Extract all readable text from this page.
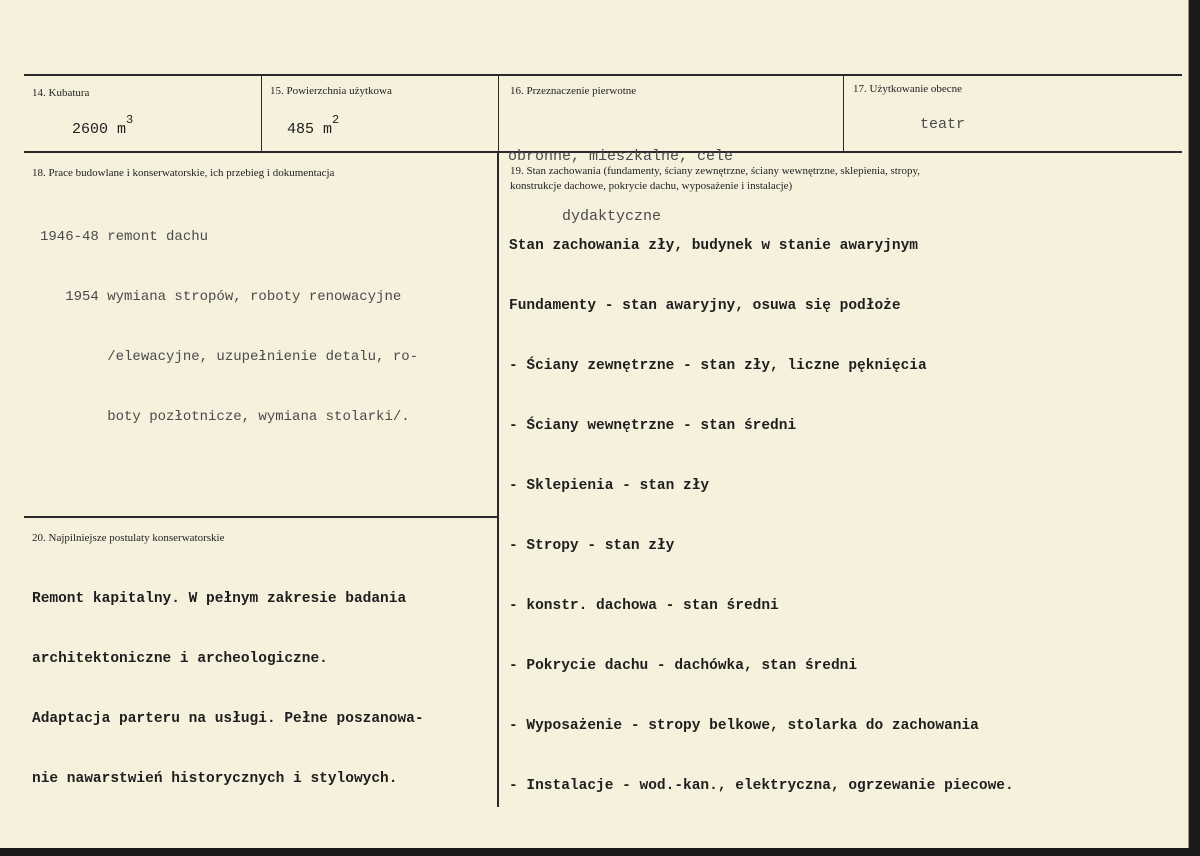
14. Kubatura
2600 $m^3$
15. Powierzchnia użytkowa
485 $m^2$
16. Przeznaczenie pierwotne

obronne, mieszkalne, cele

dydaktyczne

17. Użytkowanie obecne
teatr
18. Prace budowlane i konserwatorskie, ich przebieg i dokumentacja

1946-48 remont dachu

1954 wymiana stropów, roboty renowacyjne

/elewacyjne, uzupełnienie detalu, ro-

boty pozłotnicze, wymiana stolarki/.

19. Stan zachowania (fundamenty, ściany zewnętrzne, ściany wewnętrzne, sklepienia, stropy,
konstrukcje dachowe, pokrycie dachu, wyposażenie i instalacje)

Stan zachowania zły, budynek w stanie awaryjnym

Fundamenty - stan awaryjny, osuwa się podłoże

- Ściany zewnętrzne - stan zły, liczne pęknięcia

- Ściany wewnętrzne - stan średni

- Sklepienia - stan zły

- Stropy - stan zły

- konstr. dachowa - stan średni

- Pokrycie dachu - dachówka, stan średni

- Wyposażenie - stropy belkowe, stolarka do zachowania

- Instalacje - wod.-kan., elektryczna, ogrzewanie piecowe.

20. Najpilniejsze postulaty konserwatorskie

Remont kapitalny. W pełnym zakresie badania

architektoniczne i archeologiczne.

Adaptacja parteru na usługi. Pełne poszanowa-

nie nawarstwień historycznych i stylowych.
